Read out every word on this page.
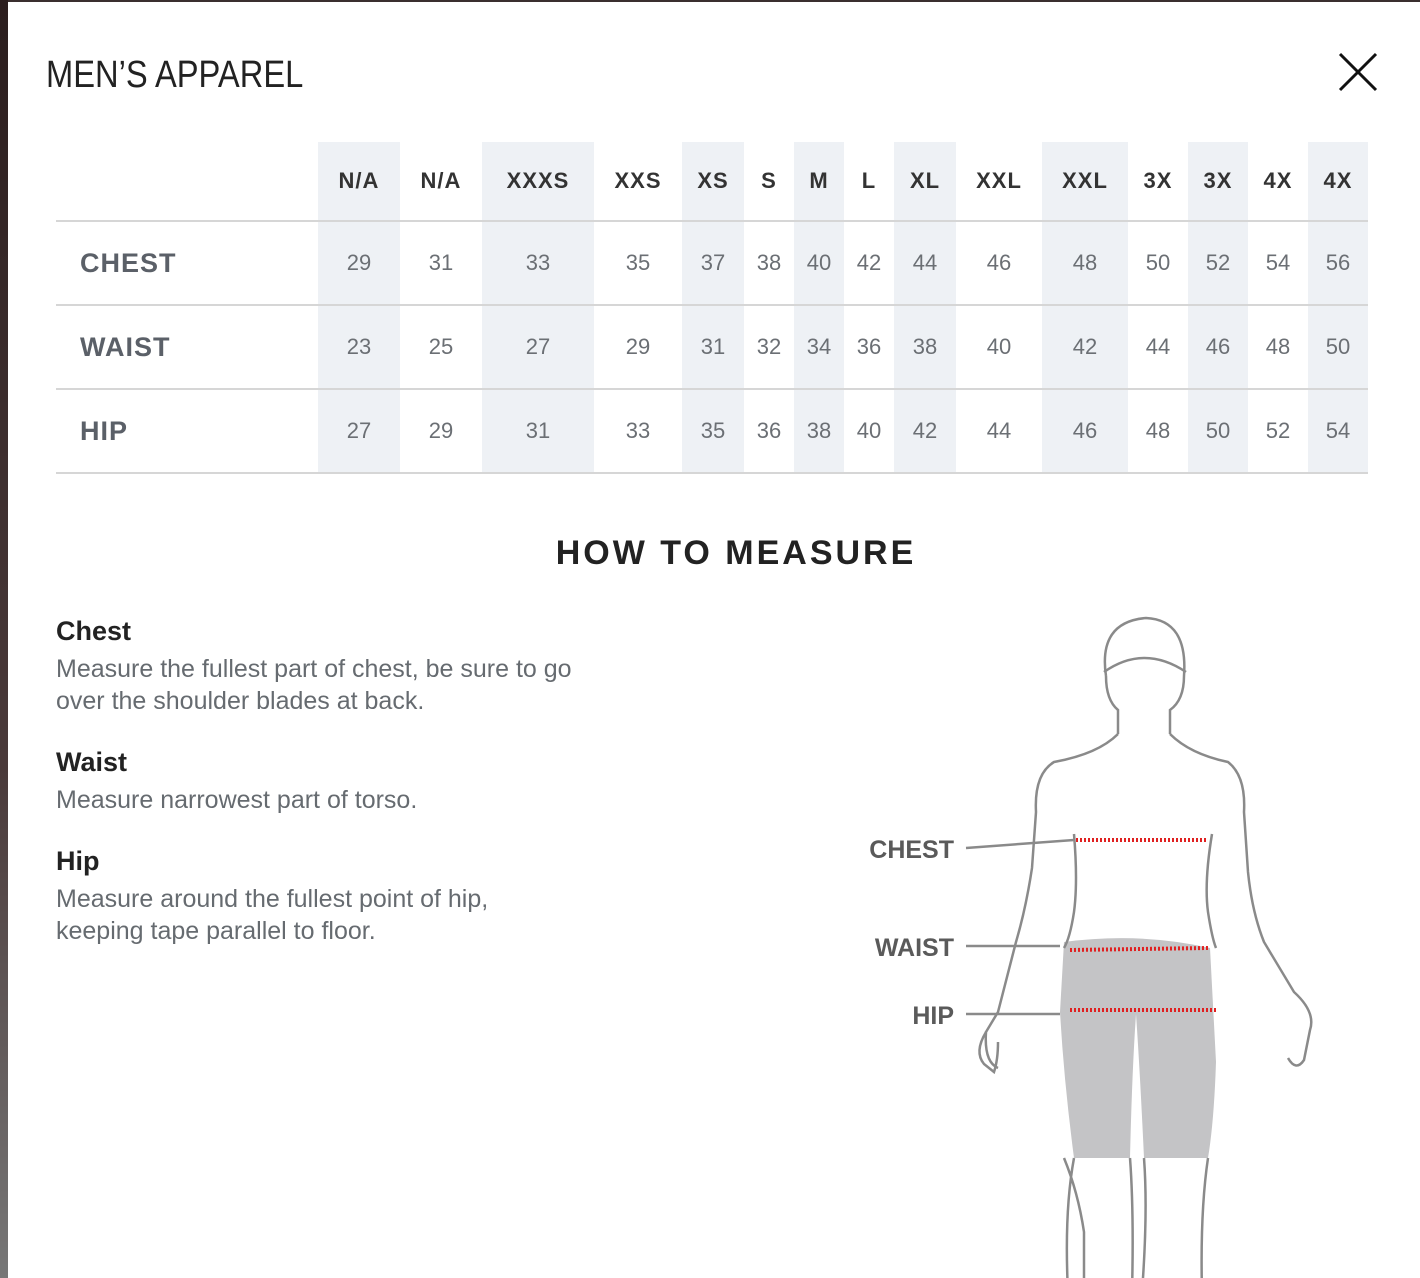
MEN’S APPAREL
	N/A	N/A	XXXS	XXS	XS	S	M	L	XL	XXL	XXL	3X	3X	4X	4X
CHEST	29	31	33	35	37	38	40	42	44	46	48	50	52	54	56
WAIST	23	25	27	29	31	32	34	36	38	40	42	44	46	48	50
HIP	27	29	31	33	35	36	38	40	42	44	46	48	50	52	54
HOW TO MEASURE

Chest

Measure the fullest part of chest, be sure to go over the shoulder blades at back.

Waist

Measure narrowest part of torso.

Hip

Measure around the fullest point of hip, keeping tape parallel to floor.

CHEST
WAIST
HIP
